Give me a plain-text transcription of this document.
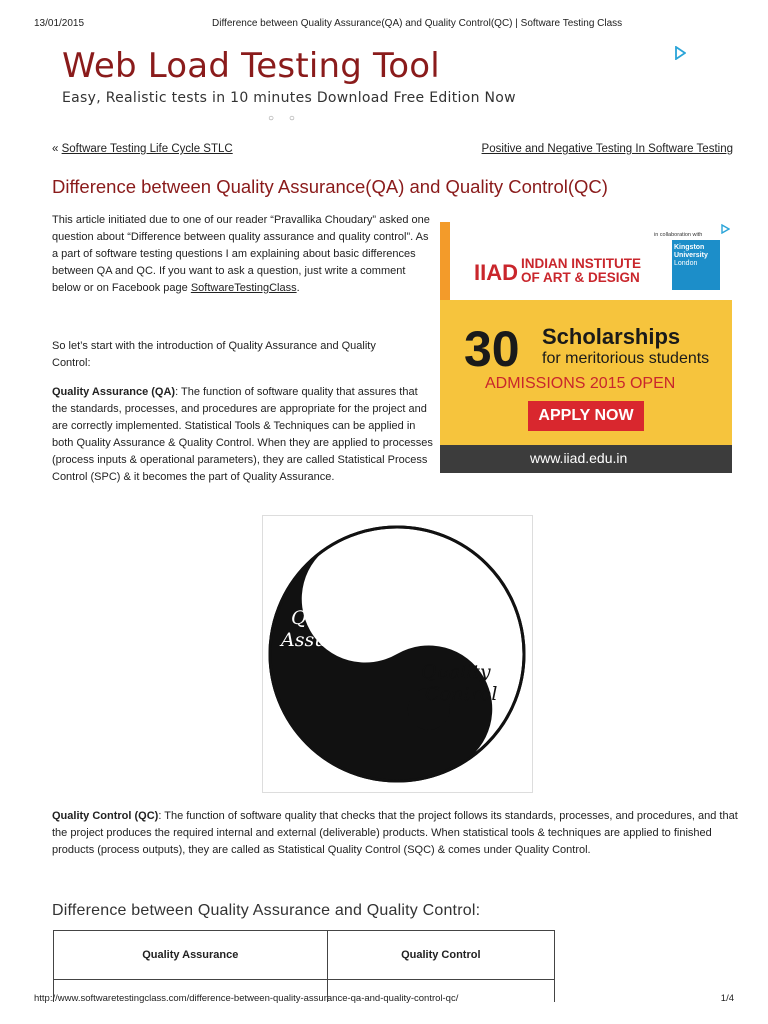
13/01/2015	Difference between Quality Assurance(QA) and Quality Control(QC) | Software Testing Class
Web Load Testing Tool
Easy, Realistic tests in 10 minutes Download Free Edition Now
○ ○
« Software Testing Life Cycle STLC	Positive and Negative Testing In Software Testing
Difference between Quality Assurance(QA) and Quality Control(QC)
This article initiated due to one of our reader “Pravallika Choudary” asked one question about “Difference between quality assurance and quality control”. As a part of software testing questions I am explaining about basic differences between QA and QC. If you want to ask a question, just write a comment below or on Facebook page SoftwareTestingClass.
So let’s start with the introduction of Quality Assurance and Quality Control:
Quality Assurance (QA): The function of software quality that assures that the standards, processes, and procedures are appropriate for the project and are correctly implemented. Statistical Tools & Techniques can be applied in both Quality Assurance & Quality Control. When they are applied to processes (process inputs & operational parameters), they are called Statistical Process Control (SPC) & it becomes the part of Quality Assurance.
IIAD INDIAN INSTITUTE OF ART & DESIGN
in collaboration with
Kingston
University
London
30 Scholarships
for meritorious students
ADMISSIONS 2015 OPEN
APPLY NOW
www.iiad.edu.in
Quality
Assurance
Quality
Control
Quality Control (QC): The function of software quality that checks that the project follows its standards, processes, and procedures, and that the project produces the required internal and external (deliverable) products. When statistical tools & techniques are applied to finished products (process outputs), they are called as Statistical Quality Control (SQC) & comes under Quality Control.
Difference between Quality Assurance and Quality Control:
Quality Assurance	Quality Control

http://www.softwaretestingclass.com/difference-between-quality-assurance-qa-and-quality-control-qc/	1/4
